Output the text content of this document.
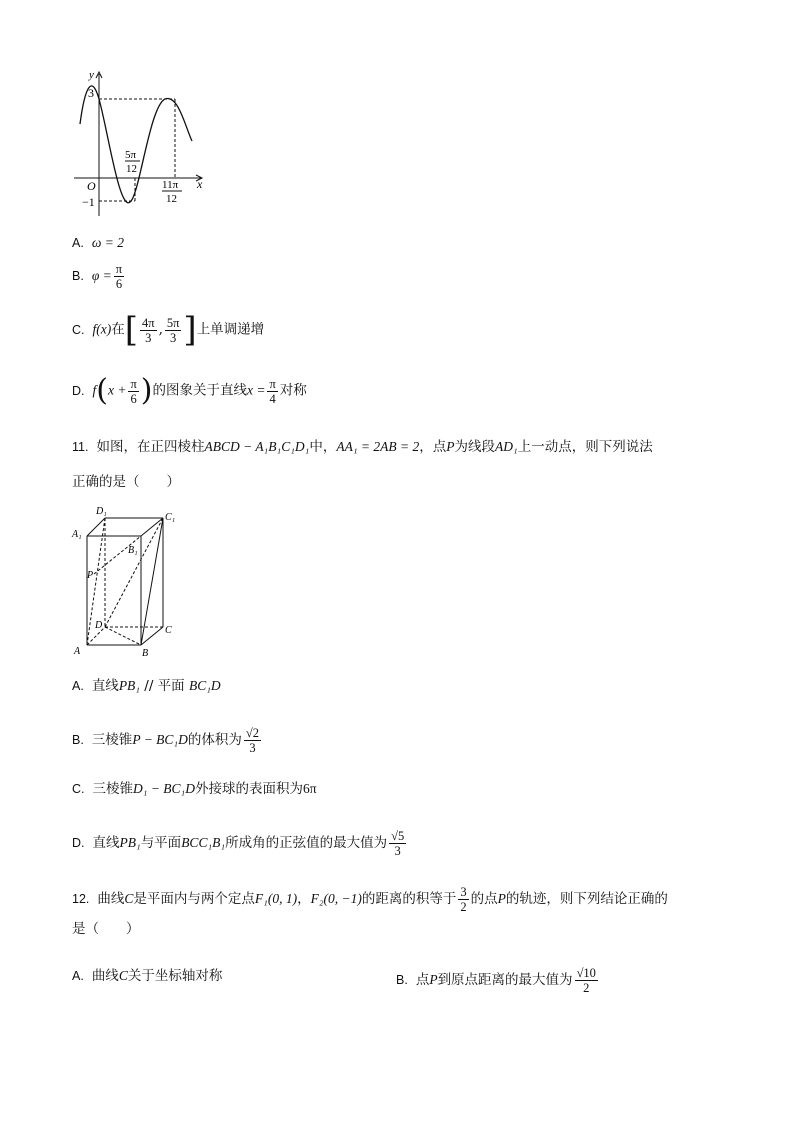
y
3
−1
O	x
5π
12
11π
12
A. ω = 2
B. $\varphi = \frac{\pi}{6}$
C. f(x)在[ $\frac{4\pi}{3}$ , $\frac{5\pi}{3}$ ]上单调递增
D. $f(x + \frac{\pi}{6}$ )的图象关于直线$x = \frac{\pi}{4}$ 对称
11. 如图，在正四棱柱ABCD − A₁B₁C₁D₁中，AA₁ = 2AB = 2，点P为线段AD₁上一动点，则下列说法
正确的是（　　）
A₁
D₁
C₁
B₁
P
D	C
A	B
A. 直线PB₁ // 平面 BC₁D
B. 三棱锥P − BC₁D的体积为 $\frac{√2}{3}$
C. 三棱锥D₁ − BC₁D外接球的表面积为6π
D. 直线PB₁与平面BCC₁B₁所成角的正弦值的最大值为 $\frac{√5}{3}$
12. 曲线C是平面内与两个定点F₁(0, 1)，F₂(0, −1)的距离的积等于 $\frac{3}{2}$ 的点P的轨迹，则下列结论正确的
是（　　）
A. 曲线C关于坐标轴对称	B. 点P到原点距离的最大值为 $\frac{√10}{2}$
